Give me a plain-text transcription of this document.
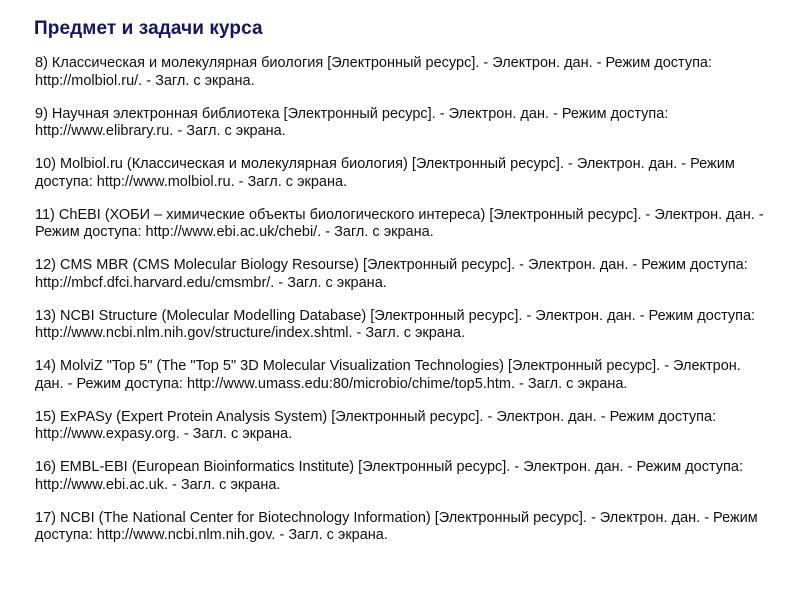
Предмет и задачи курса
8) Классическая и молекулярная биология [Электронный ресурс]. - Электрон. дан. - Режим доступа: http://molbiol.ru/. - Загл. с экрана.
9) Научная электронная библиотека [Электронный ресурс]. - Электрон. дан. - Режим доступа: http://www.elibrary.ru. - Загл. с экрана.
10) Molbiol.ru (Классическая и молекулярная биология) [Электронный ресурс]. - Электрон. дан. - Режим доступа: http://www.molbiol.ru. - Загл. с экрана.
11) ChEBI (ХОБИ – химические объекты биологического интереса) [Электронный ресурс]. - Электрон. дан. - Режим доступа: http://www.ebi.ac.uk/chebi/. - Загл. с экрана.
12) CMS MBR (CMS Molecular Biology Resourse) [Электронный ресурс]. - Электрон. дан. - Режим доступа: http://mbcf.dfci.harvard.edu/cmsmbr/. - Загл. с экрана.
13) NCBI Structure (Molecular Modelling Database) [Электронный ресурс]. - Электрон. дан. - Режим доступа: http://www.ncbi.nlm.nih.gov/structure/index.shtml. - Загл. с экрана.
14) MolviZ "Top 5" (The "Top 5" 3D Molecular Visualization Technologies) [Электронный ресурс]. - Электрон. дан. - Режим доступа: http://www.umass.edu:80/microbio/chime/top5.htm. - Загл. с экрана.
15) ExPASy (Expert Protein Analysis System) [Электронный ресурс]. - Электрон. дан. - Режим доступа: http://www.expasy.org. - Загл. с экрана.
16) EMBL-EBI (European Bioinformatics Institute) [Электронный ресурс]. - Электрон. дан. - Режим доступа: http://www.ebi.ac.uk. - Загл. с экрана.
17) NCBI (The National Center for Biotechnology Information) [Электронный ресурс]. - Электрон. дан. - Режим доступа: http://www.ncbi.nlm.nih.gov. - Загл. с экрана.
